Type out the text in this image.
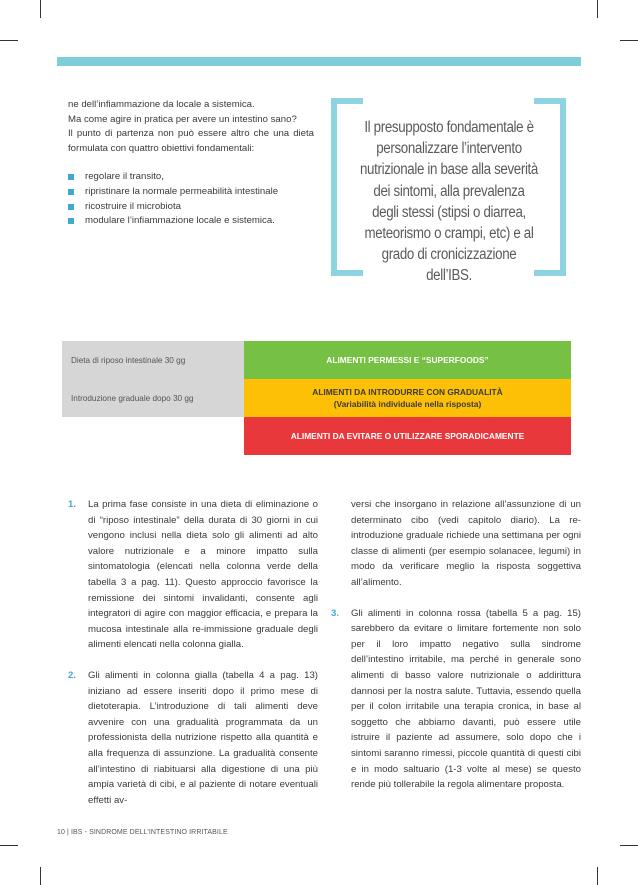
ne dell’infiammazione da locale a sistemica.

Ma come agire in pratica per avere un intestino sano?

Il punto di partenza non può essere altro che una dieta formulata con quattro obiettivi fondamentali:

regolare il transito,
ripristinare la normale permeabilità intestinale
ricostruire il microbiota
modulare l’infiammazione locale e sistemica.
Il presupposto fondamentale è personalizzare l’intervento nutrizionale in base alla severità dei sintomi, alla prevalenza degli stessi (stipsi o diarrea, meteorismo o crampi, etc) e al grado di cronicizzazione dell’IBS.
Dieta di riposo intestinale 30 gg	ALIMENTI PERMESSI E “SUPERFOODS”
Introduzione graduale dopo 30 gg
ALIMENTI DA INTRODURRE CON GRADUALITÀ
(Variabilità individuale nella risposta)
ALIMENTI DA EVITARE O UTILIZZARE SPORADICAMENTE

1. La prima fase consiste in una dieta di eliminazione o di “riposo intestinale” della durata di 30 giorni in cui vengono inclusi nella dieta solo gli alimenti ad alto valore nutrizionale e a minore impatto sulla sintomatologia (elencati nella colonna verde della tabella 3 a pag. 11). Questo approccio favorisce la remissione dei sintomi invalidanti, consente agli integratori di agire con maggior efficacia, e prepara la mucosa intestinale alla re-immissione graduale degli alimenti elencati nella colonna gialla.

2. Gli alimenti in colonna gialla (tabella 4 a pag. 13) iniziano ad essere inseriti dopo il primo mese di dietoterapia. L’introduzione di tali alimenti deve avvenire con una gradualità programmata da un professionista della nutrizione rispetto alla quantità e alla frequenza di assunzione. La gradualità consente all’intestino di riabituarsi alla digestione di una più ampia varietà di cibi, e al paziente di notare eventuali effetti av-

versi che insorgano in relazione all’assunzione di un determinato cibo (vedi capitolo diario). La re-introduzione graduale richiede una settimana per ogni classe di alimenti (per esempio solanacee, legumi) in modo da verificare meglio la risposta soggettiva all’alimento.

3. Gli alimenti in colonna rossa (tabella 5 a pag. 15) sarebbero da evitare o limitare fortemente non solo per il loro impatto negativo sulla sindrome dell’intestino irritabile, ma perché in generale sono alimenti di basso valore nutrizionale o addirittura dannosi per la nostra salute. Tuttavia, essendo quella per il colon irritabile una terapia cronica, in base al soggetto che abbiamo davanti, può essere utile istruire il paziente ad assumere, solo dopo che i sintomi saranno rimessi, piccole quantità di questi cibi e in modo saltuario (1-3 volte al mese) se questo rende più tollerabile la regola alimentare proposta.

10 | IBS - SINDROME DELL’INTESTINO IRRITABILE
